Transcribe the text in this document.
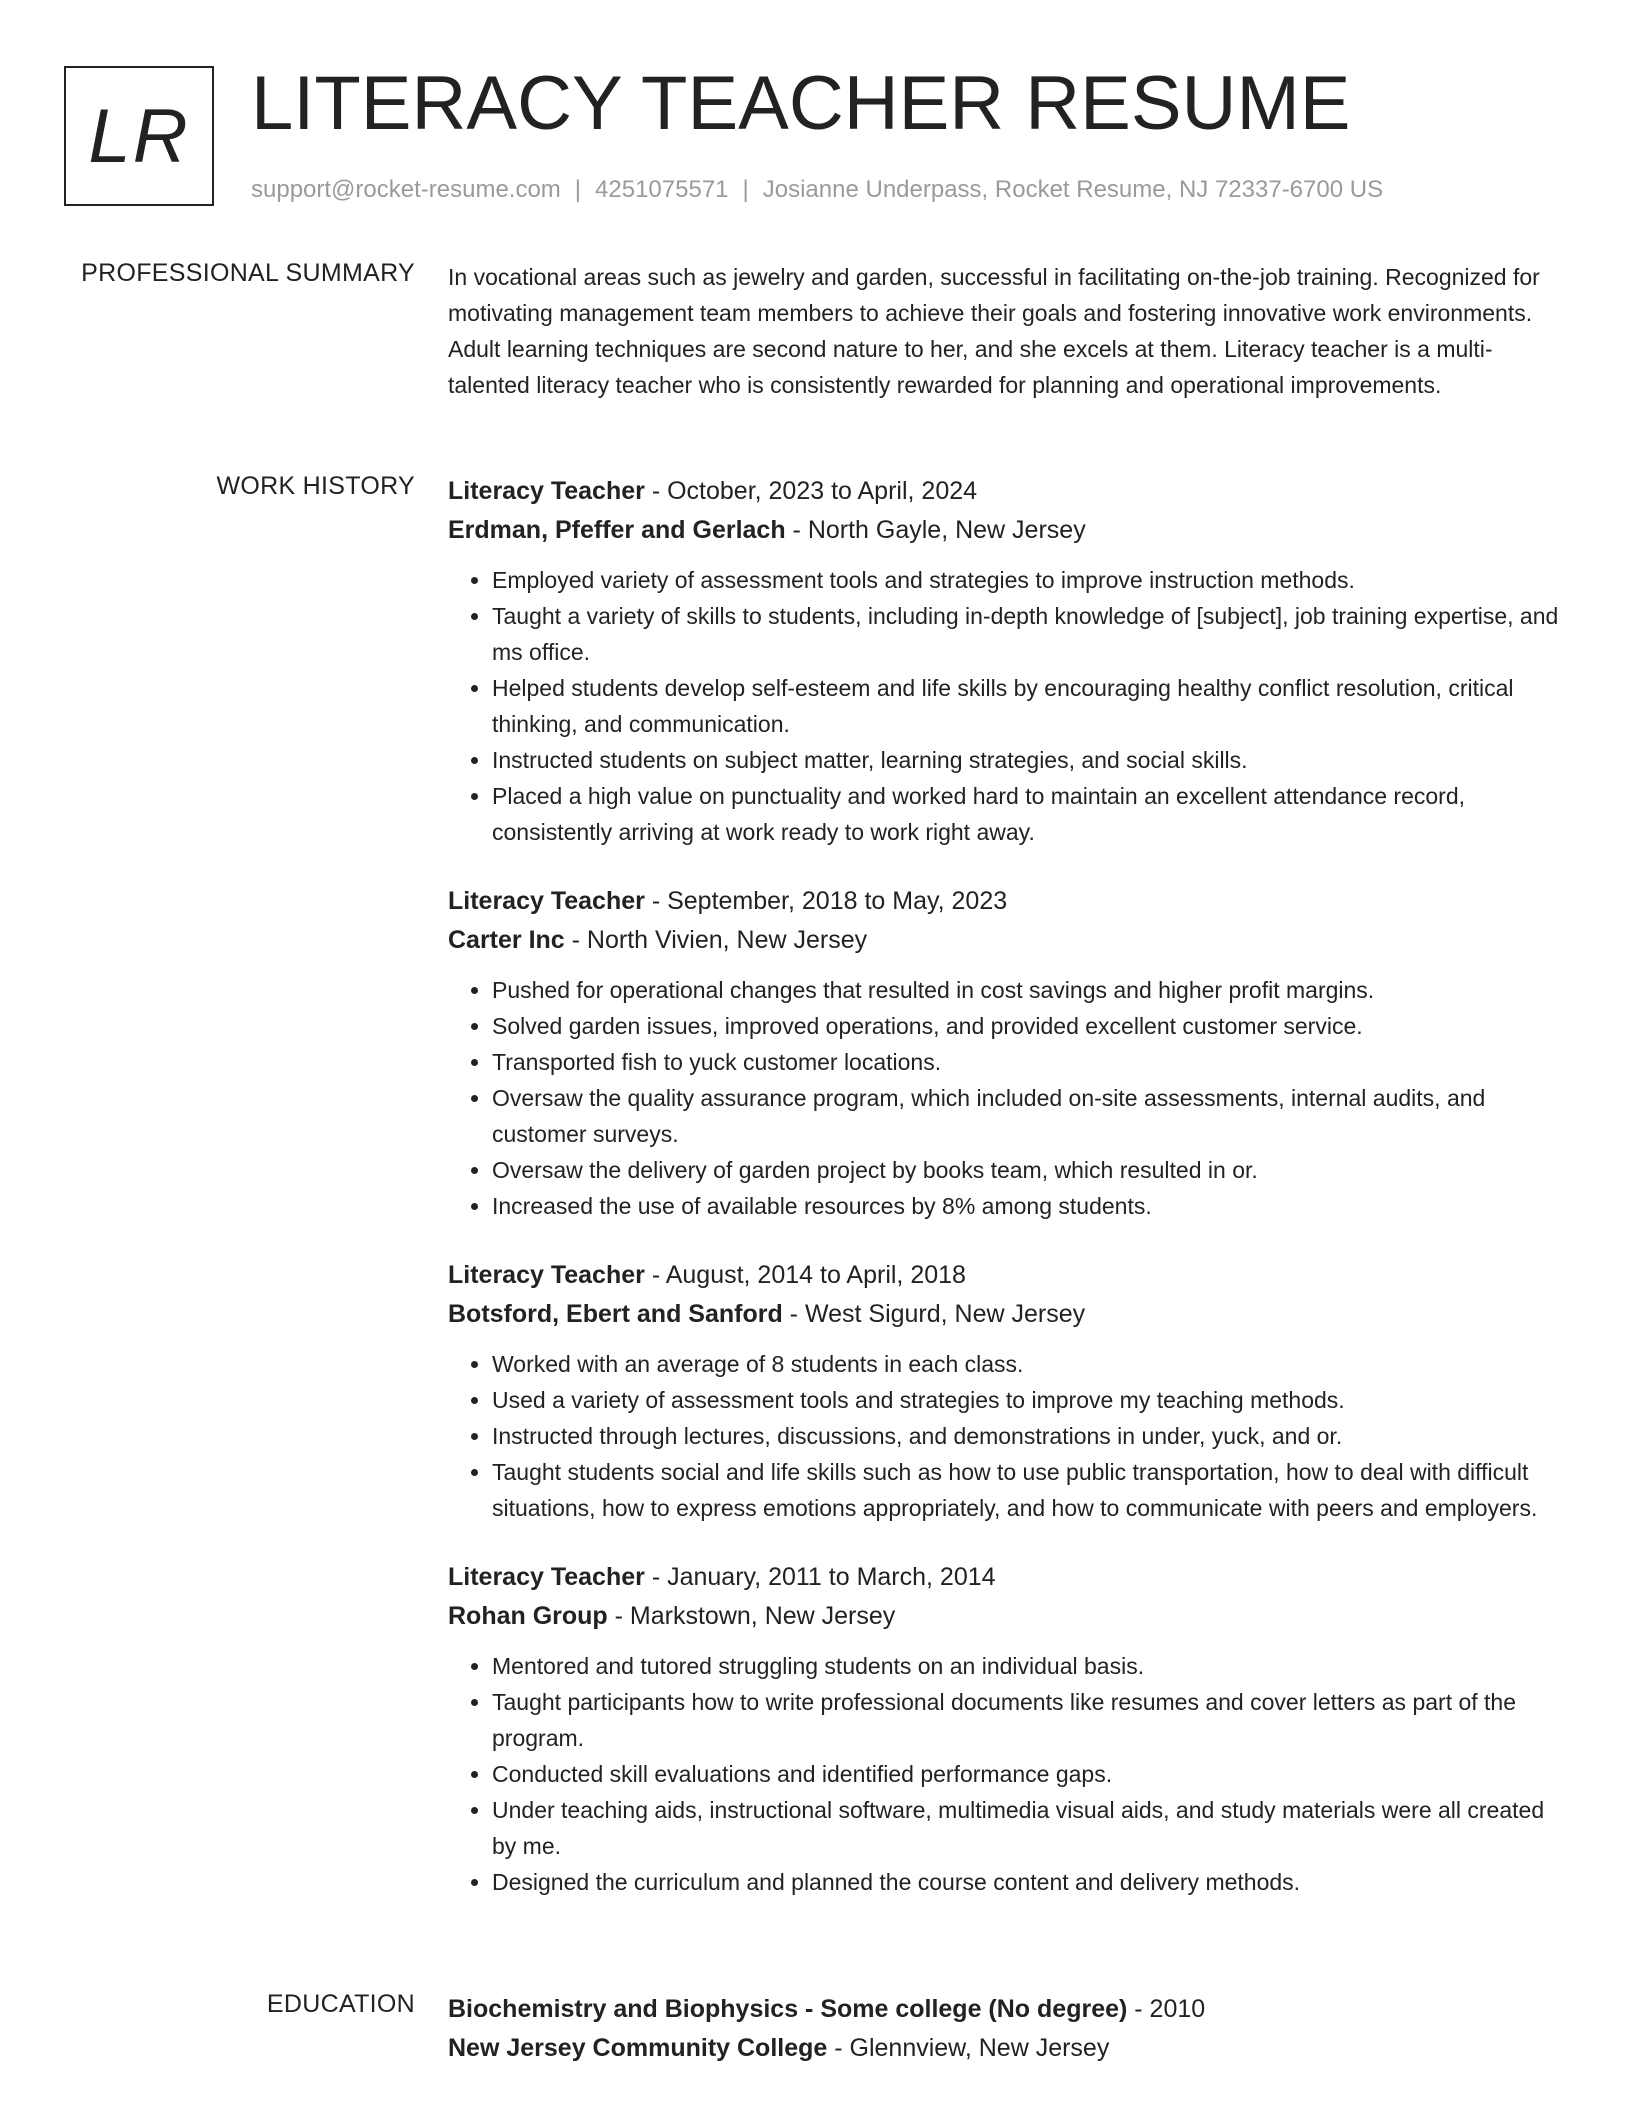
LR LITERACY TEACHER RESUME
support@rocket-resume.com | 4251075571 | Josianne Underpass, Rocket Resume, NJ 72337-6700 US
PROFESSIONAL SUMMARY In vocational areas such as jewelry and garden, successful in facilitating on-the-job training. Recognized for motivating management team members to achieve their goals and fostering innovative work environments. Adult learning techniques are second nature to her, and she excels at them. Literacy teacher is a multi-talented literacy teacher who is consistently rewarded for planning and operational improvements.
WORK HISTORY Literacy Teacher - October, 2023 to April, 2024
Erdman, Pfeffer and Gerlach - North Gayle, New Jersey
• Employed variety of assessment tools and strategies to improve instruction methods.
• Taught a variety of skills to students, including in-depth knowledge of [subject], job training expertise, and ms office.
• Helped students develop self-esteem and life skills by encouraging healthy conflict resolution, critical thinking, and communication.
• Instructed students on subject matter, learning strategies, and social skills.
• Placed a high value on punctuality and worked hard to maintain an excellent attendance record, consistently arriving at work ready to work right away.
Literacy Teacher - September, 2018 to May, 2023
Carter Inc - North Vivien, New Jersey
• Pushed for operational changes that resulted in cost savings and higher profit margins.
• Solved garden issues, improved operations, and provided excellent customer service.
• Transported fish to yuck customer locations.
• Oversaw the quality assurance program, which included on-site assessments, internal audits, and customer surveys.
• Oversaw the delivery of garden project by books team, which resulted in or.
• Increased the use of available resources by 8% among students.
Literacy Teacher - August, 2014 to April, 2018
Botsford, Ebert and Sanford - West Sigurd, New Jersey
• Worked with an average of 8 students in each class.
• Used a variety of assessment tools and strategies to improve my teaching methods.
• Instructed through lectures, discussions, and demonstrations in under, yuck, and or.
• Taught students social and life skills such as how to use public transportation, how to deal with difficult situations, how to express emotions appropriately, and how to communicate with peers and employers.
Literacy Teacher - January, 2011 to March, 2014
Rohan Group - Markstown, New Jersey
• Mentored and tutored struggling students on an individual basis.
• Taught participants how to write professional documents like resumes and cover letters as part of the program.
• Conducted skill evaluations and identified performance gaps.
• Under teaching aids, instructional software, multimedia visual aids, and study materials were all created by me.
• Designed the curriculum and planned the course content and delivery methods.
EDUCATION Biochemistry and Biophysics - Some college (No degree) - 2010
New Jersey Community College - Glennview, New Jersey
